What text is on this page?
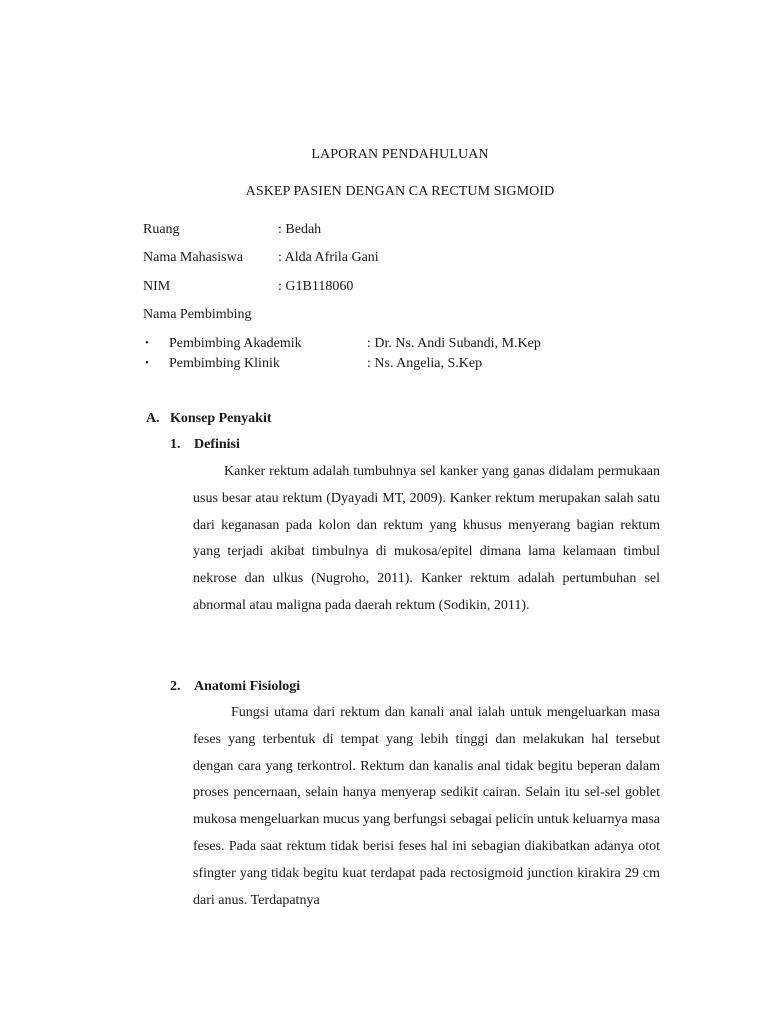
LAPORAN PENDAHULUAN
ASKEP PASIEN DENGAN CA RECTUM SIGMOID
Ruang	: Bedah
Nama Mahasiswa	: Alda Afrila Gani
NIM	: G1B118060
Nama Pembimbing
• Pembimbing Akademik	: Dr. Ns. Andi Subandi, M.Kep
• Pembimbing Klinik	: Ns. Angelia, S.Kep
A. Konsep Penyakit
1. Definisi

Kanker rektum adalah tumbuhnya sel kanker yang ganas didalam permukaan usus besar atau rektum (Dyayadi MT, 2009). Kanker rektum merupakan salah satu dari keganasan pada kolon dan rektum yang khusus menyerang bagian rektum yang terjadi akibat timbulnya di mukosa/epitel dimana lama kelamaan timbul nekrose dan ulkus (Nugroho, 2011). Kanker rektum adalah pertumbuhan sel abnormal atau maligna pada daerah rektum (Sodikin, 2011).

2. Anatomi Fisiologi

Fungsi utama dari rektum dan kanali anal ialah untuk mengeluarkan masa feses yang terbentuk di tempat yang lebih tinggi dan melakukan hal tersebut dengan cara yang terkontrol. Rektum dan kanalis anal tidak begitu beperan dalam proses pencernaan, selain hanya menyerap sedikit cairan. Selain itu sel-sel goblet mukosa mengeluarkan mucus yang berfungsi sebagai pelicin untuk keluarnya masa feses. Pada saat rektum tidak berisi feses hal ini sebagian diakibatkan adanya otot sfingter yang tidak begitu kuat terdapat pada rectosigmoid junction kirakira 29 cm dari anus. Terdapatnya
